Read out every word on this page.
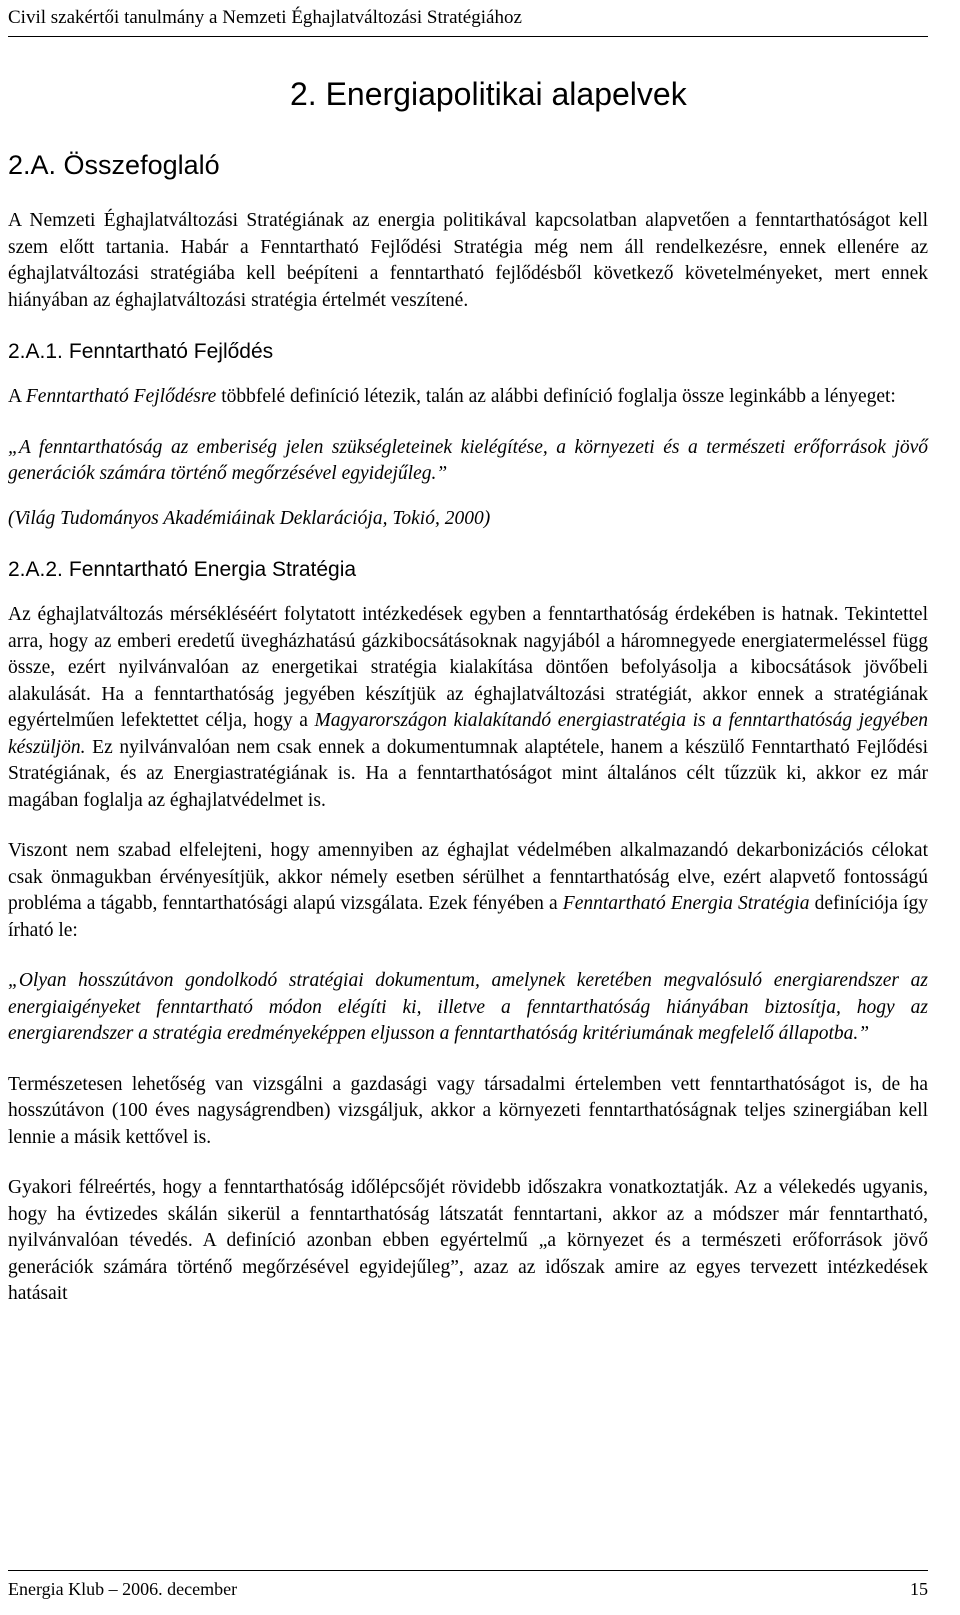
Civil szakértői tanulmány a Nemzeti Éghajlatváltozási Stratégiához
2. Energiapolitikai alapelvek
2.A. Összefoglaló

A Nemzeti Éghajlatváltozási Stratégiának az energia politikával kapcsolatban alapvetően a fenntarthatóságot kell szem előtt tartania. Habár a Fenntartható Fejlődési Stratégia még nem áll rendelkezésre, ennek ellenére az éghajlatváltozási stratégiába kell beépíteni a fenntartható fejlődésből következő követelményeket, mert ennek hiányában az éghajlatváltozási stratégia értelmét veszítené.

2.A.1. Fenntartható Fejlődés

A Fenntartható Fejlődésre többfelé definíció létezik, talán az alábbi definíció foglalja össze leginkább a lényeget:

„A fenntarthatóság az emberiség jelen szükségleteinek kielégítése, a környezeti és a természeti erőforrások jövő generációk számára történő megőrzésével egyidejűleg.”

(Világ Tudományos Akadémiáinak Deklarációja, Tokió, 2000)

2.A.2. Fenntartható Energia Stratégia

Az éghajlatváltozás mérsékléséért folytatott intézkedések egyben a fenntarthatóság érdekében is hatnak. Tekintettel arra, hogy az emberi eredetű üvegházhatású gázkibocsátásoknak nagyjából a háromnegyede energiatermeléssel függ össze, ezért nyilvánvalóan az energetikai stratégia kialakítása döntően befolyásolja a kibocsátások jövőbeli alakulását. Ha a fenntarthatóság jegyében készítjük az éghajlatváltozási stratégiát, akkor ennek a stratégiának egyértelműen lefektettet célja, hogy a Magyarországon kialakítandó energiastratégia is a fenntarthatóság jegyében készüljön. Ez nyilvánvalóan nem csak ennek a dokumentumnak alaptétele, hanem a készülő Fenntartható Fejlődési Stratégiának, és az Energiastratégiának is. Ha a fenntarthatóságot mint általános célt tűzzük ki, akkor ez már magában foglalja az éghajlatvédelmet is.

Viszont nem szabad elfelejteni, hogy amennyiben az éghajlat védelmében alkalmazandó dekarbonizációs célokat csak önmagukban érvényesítjük, akkor némely esetben sérülhet a fenntarthatóság elve, ezért alapvető fontosságú probléma a tágabb, fenntarthatósági alapú vizsgálata. Ezek fényében a Fenntartható Energia Stratégia definíciója így írható le:

„Olyan hosszútávon gondolkodó stratégiai dokumentum, amelynek keretében megvalósuló energiarendszer az energiaigényeket fenntartható módon elégíti ki, illetve a fenntarthatóság hiányában biztosítja, hogy az energiarendszer a stratégia eredményeképpen eljusson a fenntarthatóság kritériumának megfelelő állapotba.”

Természetesen lehetőség van vizsgálni a gazdasági vagy társadalmi értelemben vett fenntarthatóságot is, de ha hosszútávon (100 éves nagyságrendben) vizsgáljuk, akkor a környezeti fenntarthatóságnak teljes szinergiában kell lennie a másik kettővel is.

Gyakori félreértés, hogy a fenntarthatóság időlépcsőjét rövidebb időszakra vonatkoztatják. Az a vélekedés ugyanis, hogy ha évtizedes skálán sikerül a fenntarthatóság látszatát fenntartani, akkor az a módszer már fenntartható, nyilvánvalóan tévedés. A definíció azonban ebben egyértelmű „a környezet és a természeti erőforrások jövő generációk számára történő megőrzésével egyidejűleg”, azaz az időszak amire az egyes tervezett intézkedések hatásait

Energia Klub – 2006. december	15
